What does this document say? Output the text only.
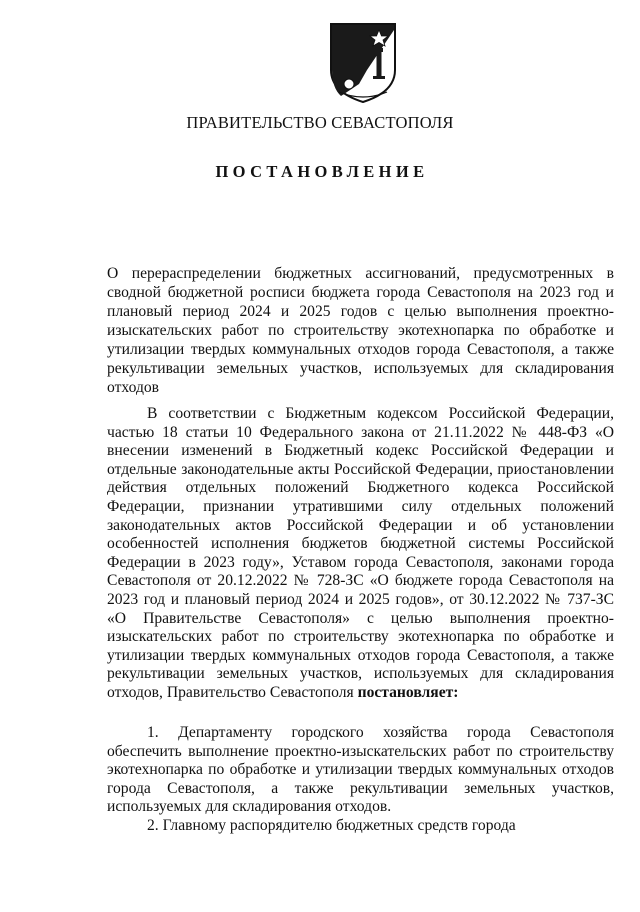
ПРАВИТЕЛЬСТВО СЕВАСТОПОЛЯ
ПОСТАНОВЛЕНИЕ

О перераспределении бюджетных ассигнований, предусмотренных в сводной бюджетной росписи бюджета города Севастополя на 2023 год и плановый период 2024 и 2025 годов с целью выполнения проектно-изыскательских работ по строительству экотехнопарка по обработке и утилизации твердых коммунальных отходов города Севастополя, а также рекультивации земельных участков, используемых для складирования отходов

В соответствии с Бюджетным кодексом Российской Федерации, частью 18 статьи 10 Федерального закона от 21.11.2022 № 448-ФЗ «О внесении изменений в Бюджетный кодекс Российской Федерации и отдельные законодательные акты Российской Федерации, приостановлении действия отдельных положений Бюджетного кодекса Российской Федерации, признании утратившими силу отдельных положений законодательных актов Российской Федерации и об установлении особенностей исполнения бюджетов бюджетной системы Российской Федерации в 2023 году», Уставом города Севастополя, законами города Севастополя от 20.12.2022 № 728-ЗС «О бюджете города Севастополя на 2023 год и плановый период 2024 и 2025 годов», от 30.12.2022 № 737-ЗС «О Правительстве Севастополя» с целью выполнения проектно-изыскательских работ по строительству экотехнопарка по обработке и утилизации твердых коммунальных отходов города Севастополя, а также рекультивации земельных участков, используемых для складирования отходов, Правительство Севастополя постановляет:

1. Департаменту городского хозяйства города Севастополя обеспечить выполнение проектно-изыскательских работ по строительству экотехнопарка по обработке и утилизации твердых коммунальных отходов города Севастополя, а также рекультивации земельных участков, используемых для складирования отходов.

2. Главному распорядителю бюджетных средств города
